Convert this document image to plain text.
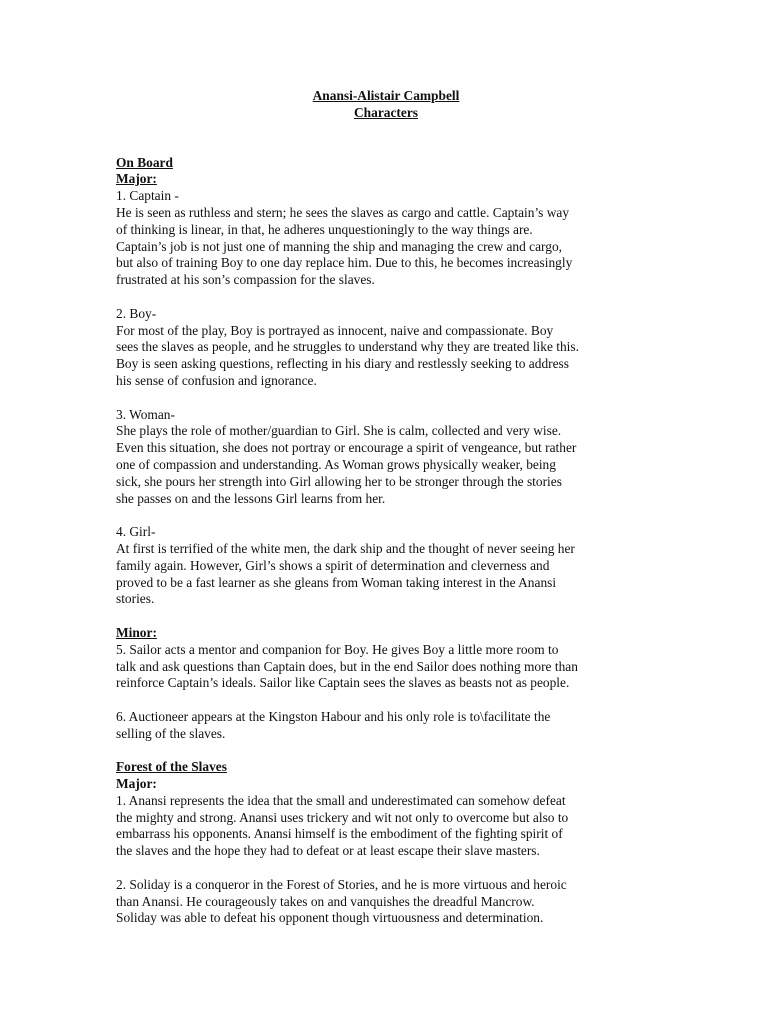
Anansi-Alistair Campbell
Characters
On Board
Major:
1. Captain -
He is seen as ruthless and stern; he sees the slaves as cargo and cattle. Captain’s way
of thinking is linear, in that, he adheres unquestioningly to the way things are.
Captain’s job is not just one of manning the ship and managing the crew and cargo,
but also of training Boy to one day replace him. Due to this, he becomes increasingly
frustrated at his son’s compassion for the slaves.
2. Boy-
For most of the play, Boy is portrayed as innocent, naive and compassionate. Boy
sees the slaves as people, and he struggles to understand why they are treated like this.
Boy is seen asking questions, reflecting in his diary and restlessly seeking to address
his sense of confusion and ignorance.
3. Woman-
She plays the role of mother/guardian to Girl. She is calm, collected and very wise.
Even this situation, she does not portray or encourage a spirit of vengeance, but rather
one of compassion and understanding. As Woman grows physically weaker, being
sick, she pours her strength into Girl allowing her to be stronger through the stories
she passes on and the lessons Girl learns from her.
4. Girl-
At first is terrified of the white men, the dark ship and the thought of never seeing her
family again. However, Girl’s shows a spirit of determination and cleverness and
proved to be a fast learner as she gleans from Woman taking interest in the Anansi
stories.
Minor:
5. Sailor acts a mentor and companion for Boy. He gives Boy a little more room to
talk and ask questions than Captain does, but in the end Sailor does nothing more than
reinforce Captain’s ideals. Sailor like Captain sees the slaves as beasts not as people.
6. Auctioneer appears at the Kingston Habour and his only role is to\facilitate the
selling of the slaves.
Forest of the Slaves
Major:
1. Anansi represents the idea that the small and underestimated can somehow defeat
the mighty and strong. Anansi uses trickery and wit not only to overcome but also to
embarrass his opponents. Anansi himself is the embodiment of the fighting spirit of
the slaves and the hope they had to defeat or at least escape their slave masters.
2. Soliday is a conqueror in the Forest of Stories, and he is more virtuous and heroic
than Anansi. He courageously takes on and vanquishes the dreadful Mancrow.
Soliday was able to defeat his opponent though virtuousness and determination.
